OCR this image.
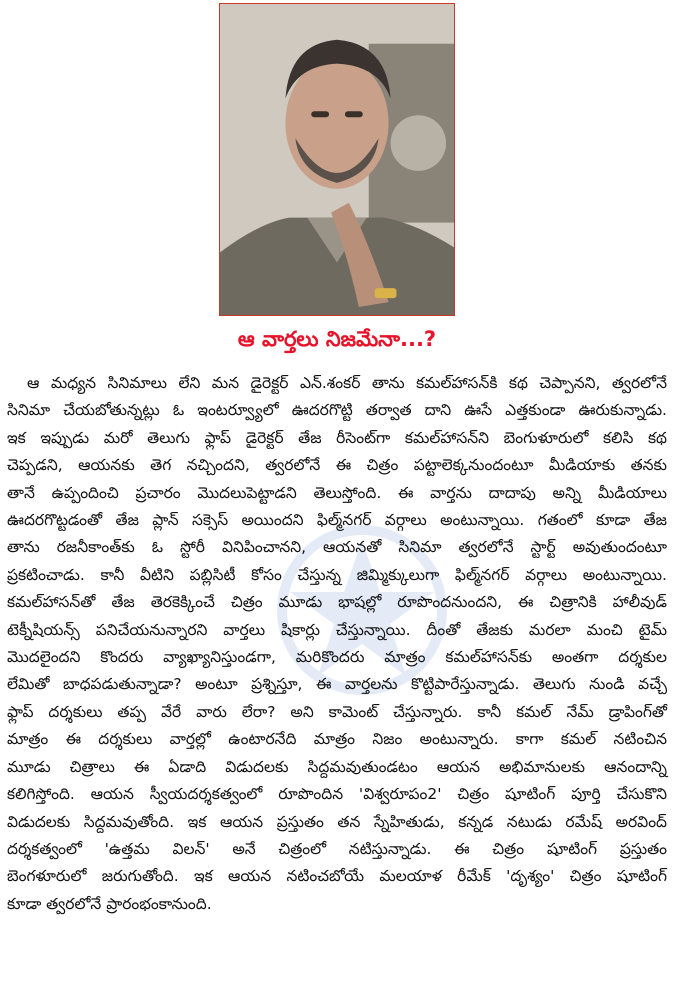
ఆ వార్తలు నిజమేనా...?
ఆ మధ్యన సినిమాలు లేని మన డైరెక్టర్ ఎన్.శంకర్ తాను కమల్‌హాసన్‌కి కథ చెప్పానని, త్వరలోనే
సినిమా చేయబోతున్నట్లు ఓ ఇంటర్వ్యూలో ఊదరగొట్టి తర్వాత దాని ఊసే ఎత్తకుండా ఊరుకున్నాడు.
ఇక ఇప్పుడు మరో తెలుగు ఫ్లాప్ డైరెక్టర్ తేజ రీసెంట్‌గా కమల్‌హాసన్‌ని బెంగుళూరులో కలిసి కథ
చెప్పడని, ఆయనకు తెగ నచ్చిందని, త్వరలోనే ఈ చిత్రం పట్టాలెక్కనుందంటూ మీడియాకు తనకు
తానే ఉప్పందించి ప్రచారం మొదలుపెట్టాడని తెలుస్తోంది. ఈ వార్తను దాదాపు అన్ని మీడియాలు
ఊదరగొట్టడంతో తేజ ప్లాన్ సక్సెస్ అయిందని ఫిల్మ్‌నగర్ వర్గాలు అంటున్నాయి. గతంలో కూడా తేజ
తాను రజనీకాంత్‌కు ఓ స్టోరీ వినిపించానని, ఆయనతో సినిమా త్వరలోనే స్టార్ట్ అవుతుందంటూ
ప్రకటించాడు. కానీ వీటిని పబ్లిసిటీ కోసం చేస్తున్న జిమ్మిక్కులుగా ఫిల్మ్‌నగర్ వర్గాలు అంటున్నాయి.
కమల్‌హాసన్‌తో తేజ తెరకెక్కించే చిత్రం మూడు భాషల్లో రూపొందనుందని, ఈ చిత్రానికి హాలీవుడ్
టెక్నీషియన్స్ పనిచేయనున్నారని వార్తలు షికార్లు చేస్తున్నాయి. దీంతో తేజకు మరలా మంచి టైమ్
మొదలైందని కొందరు వ్యాఖ్యానిస్తుండగా, మరికొందరు మాత్రం కమల్‌హాసన్‌కు అంతగా దర్శకుల
లేమితో బాధపడుతున్నాడా? అంటూ ప్రశ్నిస్తూ, ఈ వార్తలను కొట్టిపారేస్తున్నాడు. తెలుగు నుండి వచ్చే
ఫ్లాప్ దర్శకులు తప్ప వేరే వారు లేరా? అని కామెంట్ చేస్తున్నారు. కానీ కమల్ నేమ్ డ్రాపింగ్‌తో
మాత్రం ఈ దర్శకులు వార్తల్లో ఉంటారనేది మాత్రం నిజం అంటున్నారు. కాగా కమల్ నటించిన
మూడు చిత్రాలు ఈ ఏడాది విడుదలకు సిద్దమవుతుండటం ఆయన అభిమానులకు ఆనందాన్ని
కలిగిస్తోంది. ఆయన స్వీయదర్శకత్వంలో రూపొందిన 'విశ్వరూపం2' చిత్రం షూటింగ్ పూర్తి చేసుకొని
విడుదలకు సిద్దమవుతోంది. ఇక ఆయన ప్రస్తుతం తన స్నేహితుడు, కన్నడ నటుడు రమేష్ అరవింద్
దర్శకత్వంలో 'ఉత్తమ విలన్' అనే చిత్రంలో నటిస్తున్నాడు. ఈ చిత్రం షూటింగ్ ప్రస్తుతం
బెంగళూరులో జరుగుతోంది. ఇక ఆయన నటించబోయే మలయాళ రీమేక్ 'దృశ్యం' చిత్రం షూటింగ్
కూడా త్వరలోనే ప్రారంభంకానుంది.
